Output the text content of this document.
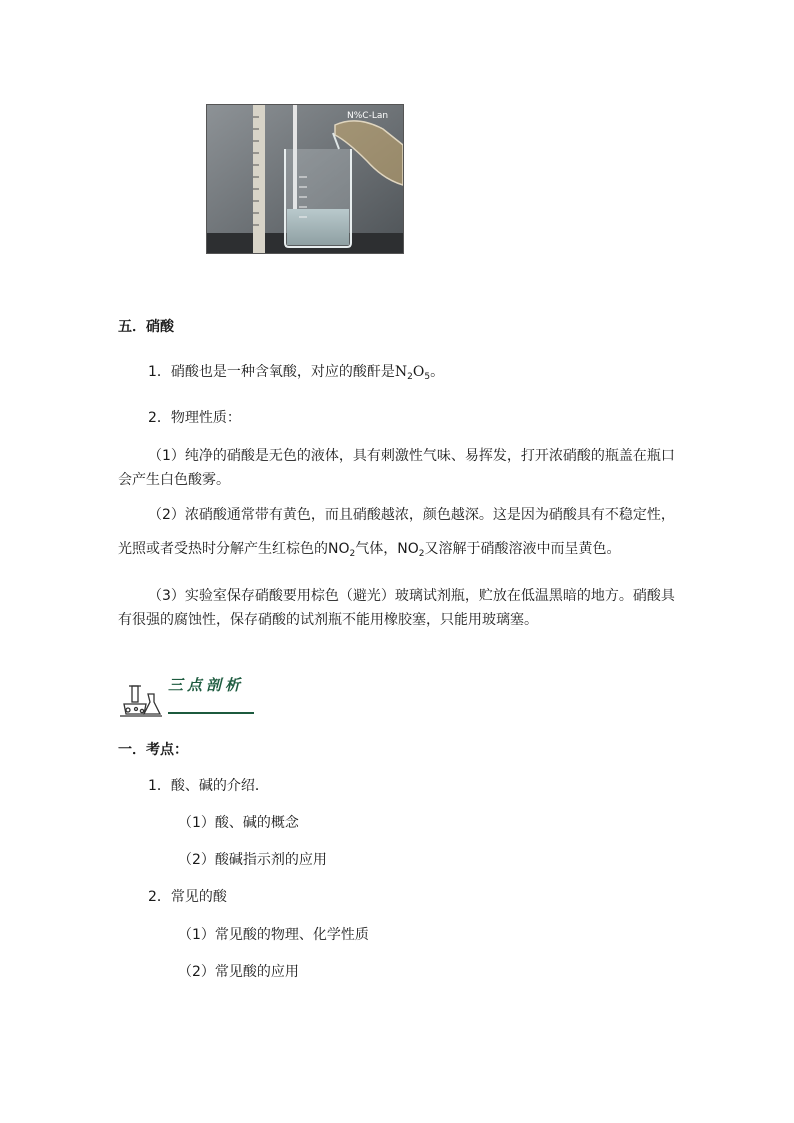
N%C-Lan
五．硝酸
1．硝酸也是一种含氧酸，对应的酸酐是$N_2O_5$。
2．物理性质：
（1）纯净的硝酸是无色的液体，具有刺激性气味、易挥发，打开浓硝酸的瓶盖在瓶口
会产生白色酸雾。
（2）浓硝酸通常带有黄色，而且硝酸越浓，颜色越深。这是因为硝酸具有不稳定性，
光照或者受热时分解产生红棕色的$NO_2$气体，$NO_2$又溶解于硝酸溶液中而呈黄色。
（3）实验室保存硝酸要用棕色（避光）玻璃试剂瓶，贮放在低温黑暗的地方。硝酸具
有很强的腐蚀性，保存硝酸的试剂瓶不能用橡胶塞，只能用玻璃塞。
三点剖析
一．考点：
1．酸、碱的介绍．
（1）酸、碱的概念
（2）酸碱指示剂的应用
2．常见的酸
（1）常见酸的物理、化学性质
（2）常见酸的应用
